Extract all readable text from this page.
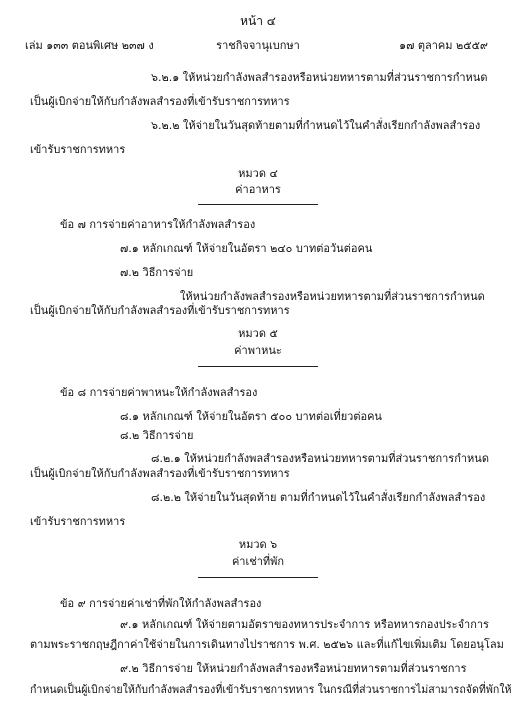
หน้า ๔
เล่ม ๑๓๓ ตอนพิเศษ ๒๓๗ ง	ราชกิจจานุเบกษา	๑๗ ตุลาคม ๒๕๕๙
๖.๒.๑ ให้หน่วยกำลังพลสำรองหรือหน่วยทหารตามที่ส่วนราชการกำหนด
เป็นผู้เบิกจ่ายให้กับกำลังพลสำรองที่เข้ารับราชการทหาร
๖.๒.๒ ให้จ่ายในวันสุดท้ายตามที่กำหนดไว้ในคำสั่งเรียกกำลังพลสำรอง
เข้ารับราชการทหาร
หมวด ๔
ค่าอาหาร
ข้อ ๗ การจ่ายค่าอาหารให้กำลังพลสำรอง
๗.๑ หลักเกณฑ์ ให้จ่ายในอัตรา ๒๔๐ บาทต่อวันต่อคน
๗.๒ วิธีการจ่าย
ให้หน่วยกำลังพลสำรองหรือหน่วยทหารตามที่ส่วนราชการกำหนด
เป็นผู้เบิกจ่ายให้กับกำลังพลสำรองที่เข้ารับราชการทหาร
หมวด ๕
ค่าพาหนะ
ข้อ ๘ การจ่ายค่าพาหนะให้กำลังพลสำรอง
๘.๑ หลักเกณฑ์ ให้จ่ายในอัตรา ๕๐๐ บาทต่อเที่ยวต่อคน
๘.๒ วิธีการจ่าย
๘.๒.๑ ให้หน่วยกำลังพลสำรองหรือหน่วยทหารตามที่ส่วนราชการกำหนด
เป็นผู้เบิกจ่ายให้กับกำลังพลสำรองที่เข้ารับราชการทหาร
๘.๒.๒ ให้จ่ายในวันสุดท้าย ตามที่กำหนดไว้ในคำสั่งเรียกกำลังพลสำรอง
เข้ารับราชการทหาร
หมวด ๖
ค่าเช่าที่พัก
ข้อ ๙ การจ่ายค่าเช่าที่พักให้กำลังพลสำรอง
๙.๑ หลักเกณฑ์ ให้จ่ายตามอัตราของทหารประจำการ หรือทหารกองประจำการ
ตามพระราชกฤษฎีกาค่าใช้จ่ายในการเดินทางไปราชการ พ.ศ. ๒๕๒๖ และที่แก้ไขเพิ่มเติม โดยอนุโลม
๙.๒ วิธีการจ่าย ให้หน่วยกำลังพลสำรองหรือหน่วยทหารตามที่ส่วนราชการ
กำหนดเป็นผู้เบิกจ่ายให้กับกำลังพลสำรองที่เข้ารับราชการทหาร ในกรณีที่ส่วนราชการไม่สามารถจัดที่พักให้
